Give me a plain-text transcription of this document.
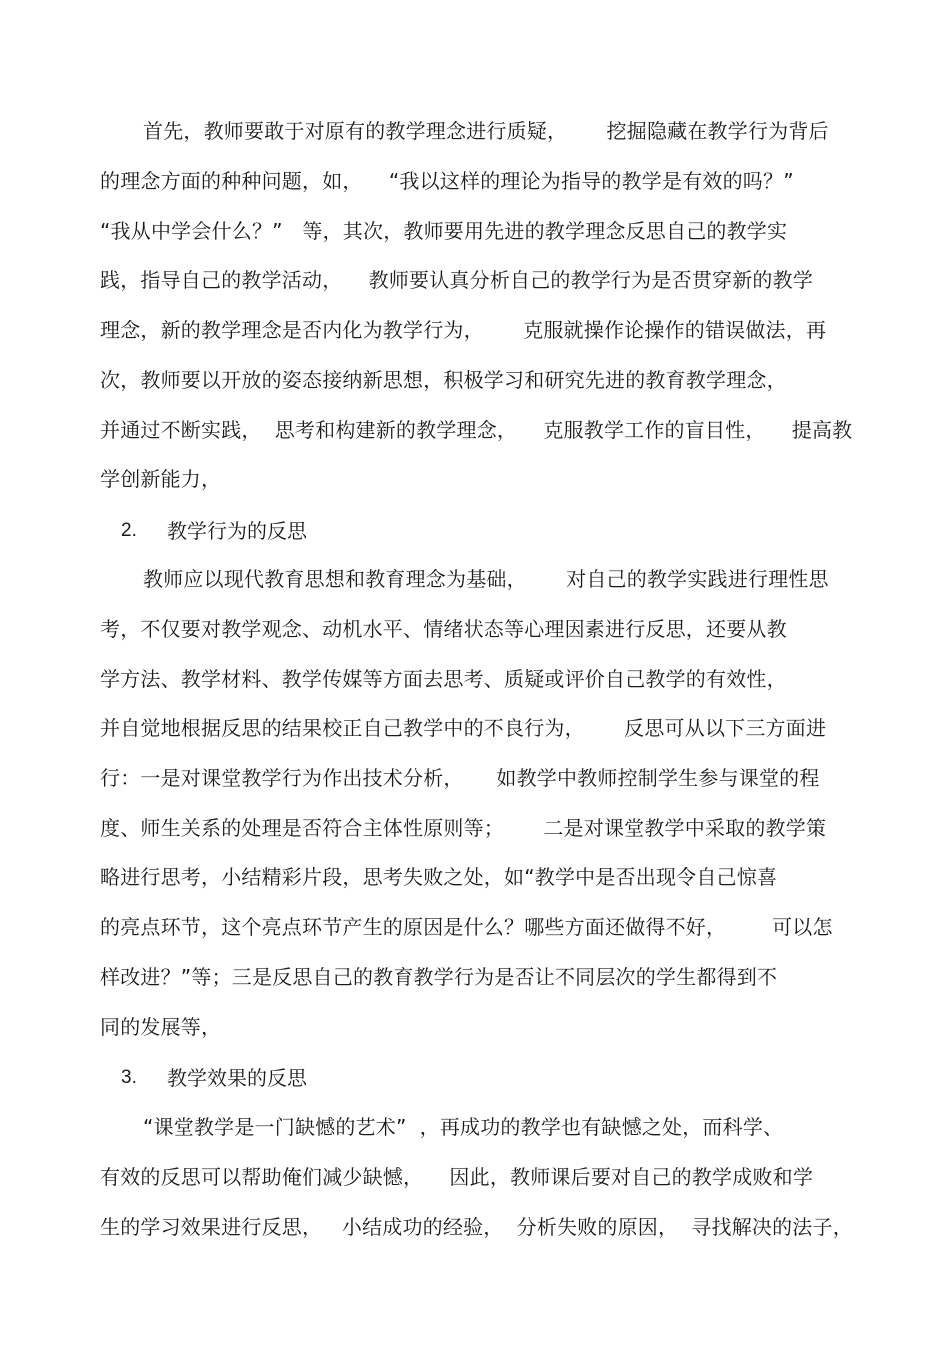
首先，教师要敢于对原有的教学理念进行质疑，      挖掘隐藏在教学行为背后
的理念方面的种种问题，如，    “我以这样的理论为指导的教学是有效的吗？”
“我从中学会什么？”   等，其次，教师要用先进的教学理念反思自己的教学实
践，指导自己的教学活动，    教师要认真分析自己的教学行为是否贯穿新的教学
理念，新的教学理念是否内化为教学行为，      克服就操作论操作的错误做法，再
次，教师要以开放的姿态接纳新思想，积极学习和研究先进的教育教学理念，
并通过不断实践，  思考和构建新的教学理念，    克服教学工作的盲目性，    提高教
学创新能力，
2. 教学行为的反思
教师应以现代教育思想和教育理念为基础，      对自己的教学实践进行理性思
考，不仅要对教学观念、动机水平、情绪状态等心理因素进行反思，还要从教
学方法、教学材料、教学传媒等方面去思考、质疑或评价自己教学的有效性，
并自觉地根据反思的结果校正自己教学中的不良行为，      反思可从以下三方面进
行：一是对课堂教学行为作出技术分析，     如教学中教师控制学生参与课堂的程
度、师生关系的处理是否符合主体性原则等；      二是对课堂教学中采取的教学策
略进行思考，小结精彩片段，思考失败之处，如“教学中是否出现令自己惊喜
的亮点环节，这个亮点环节产生的原因是什么？哪些方面还做得不好，       可以怎
样改进？”等；三是反思自己的教育教学行为是否让不同层次的学生都得到不
同的发展等，
3. 教学效果的反思
“课堂教学是一门缺憾的艺术”  ，再成功的教学也有缺憾之处，而科学、
有效的反思可以帮助俺们减少缺憾，    因此，教师课后要对自己的教学成败和学
生的学习效果进行反思，   小结成功的经验，  分析失败的原因，  寻找解决的法子，
